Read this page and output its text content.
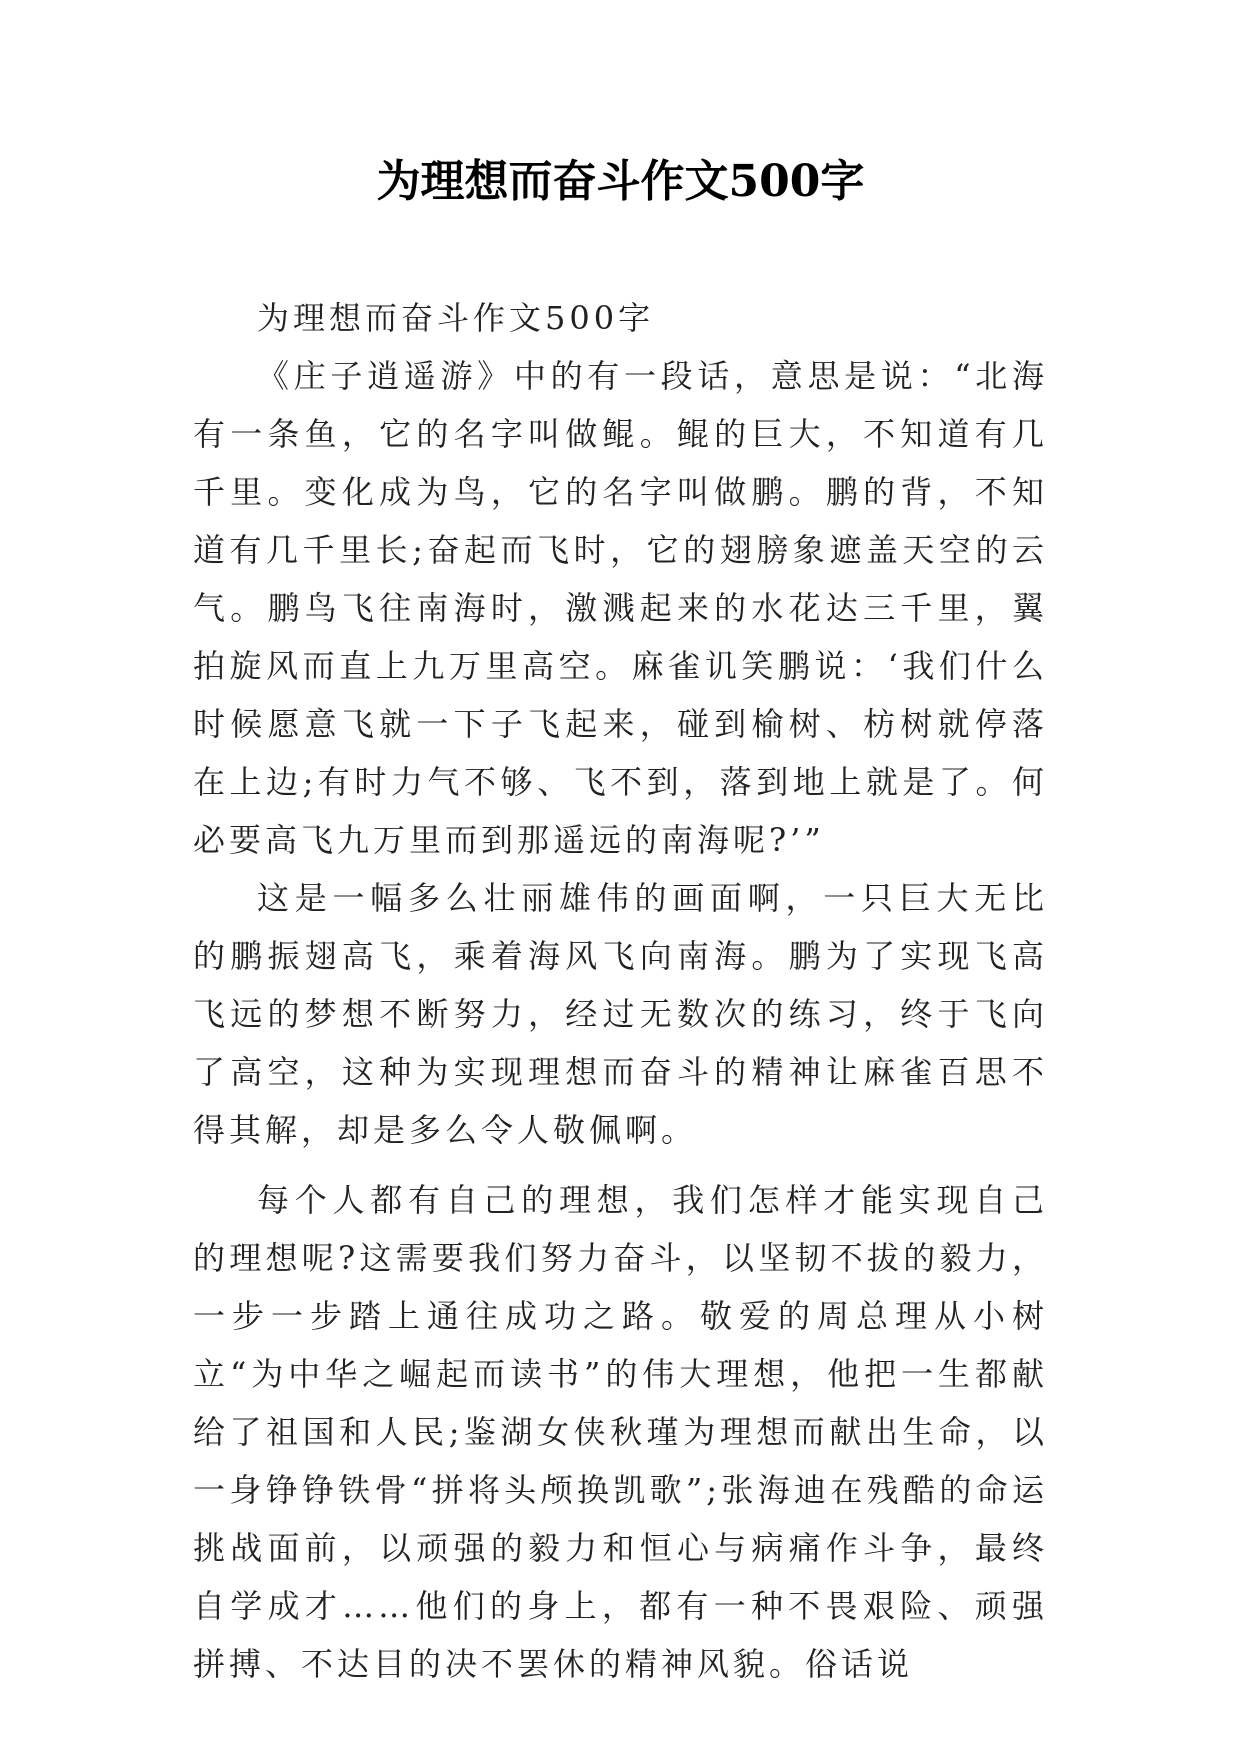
为理想而奋斗作文500字

为理想而奋斗作文500字

《庄子逍遥游》中的有一段话，意思是说：“北海有一条鱼，它的名字叫做鲲。鲲的巨大，不知道有几千里。变化成为鸟，它的名字叫做鹏。鹏的背，不知道有几千里长;奋起而飞时，它的翅膀象遮盖天空的云气。鹏鸟飞往南海时，激溅起来的水花达三千里，翼拍旋风而直上九万里高空。麻雀讥笑鹏说：‘我们什么时候愿意飞就一下子飞起来，碰到榆树、枋树就停落在上边;有时力气不够、飞不到，落到地上就是了。何必要高飞九万里而到那遥远的南海呢?’”

这是一幅多么壮丽雄伟的画面啊，一只巨大无比的鹏振翅高飞，乘着海风飞向南海。鹏为了实现飞高飞远的梦想不断努力，经过无数次的练习，终于飞向了高空，这种为实现理想而奋斗的精神让麻雀百思不得其解，却是多么令人敬佩啊。

每个人都有自己的理想，我们怎样才能实现自己的理想呢?这需要我们努力奋斗，以坚韧不拔的毅力，一步一步踏上通往成功之路。敬爱的周总理从小树立“为中华之崛起而读书”的伟大理想，他把一生都献给了祖国和人民;鉴湖女侠秋瑾为理想而献出生命，以一身铮铮铁骨“拼将头颅换凯歌”;张海迪在残酷的命运挑战面前，以顽强的毅力和恒心与病痛作斗争，最终自学成才……他们的身上，都有一种不畏艰险、顽强拼搏、不达目的决不罢休的精神风貌。俗话说
